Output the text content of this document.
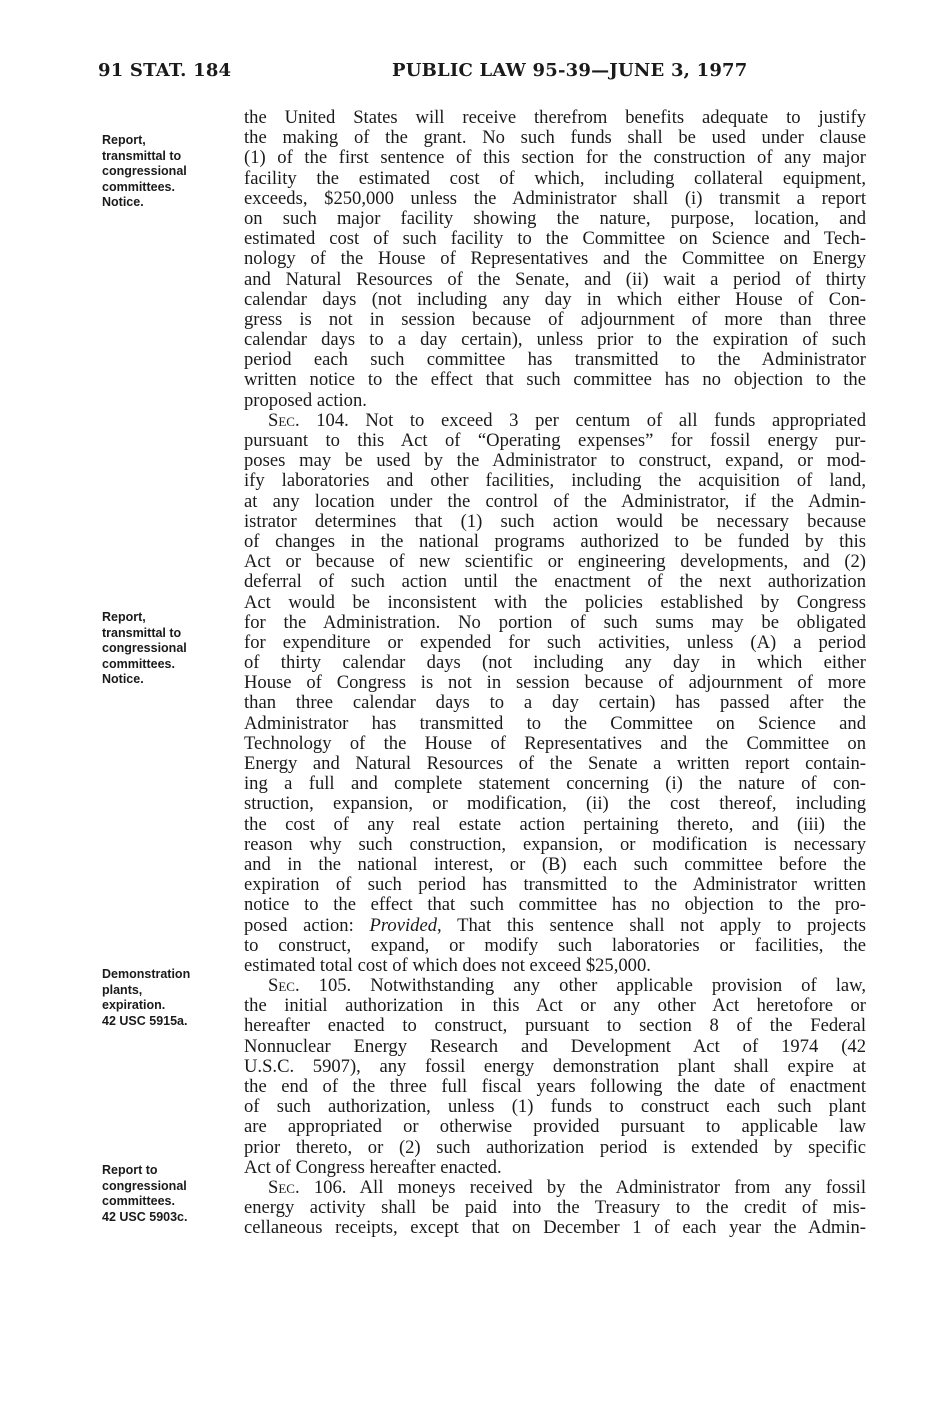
91 STAT. 184	PUBLIC LAW 95-39—JUNE 3, 1977
Report,
transmittal to
congressional
committees.
Notice.
Report,
transmittal to
congressional
committees.
Notice.
Demonstration
plants,
expiration.
42 USC 5915a.
Report to
congressional
committees.
42 USC 5903c.
the United States will receive therefrom benefits adequate to justify
the making of the grant. No such funds shall be used under clause
(1) of the first sentence of this section for the construction of any major
facility the estimated cost of which, including collateral equipment,
exceeds, $250,000 unless the Administrator shall (i) transmit a report
on such major facility showing the nature, purpose, location, and
estimated cost of such facility to the Committee on Science and Tech-
nology of the House of Representatives and the Committee on Energy
and Natural Resources of the Senate, and (ii) wait a period of thirty
calendar days (not including any day in which either House of Con-
gress is not in session because of adjournment of more than three
calendar days to a day certain), unless prior to the expiration of such
period each such committee has transmitted to the Administrator
written notice to the effect that such committee has no objection to the
proposed action.
Sec. 104. Not to exceed 3 per centum of all funds appropriated
pursuant to this Act of “Operating expenses” for fossil energy pur-
poses may be used by the Administrator to construct, expand, or mod-
ify laboratories and other facilities, including the acquisition of land,
at any location under the control of the Administrator, if the Admin-
istrator determines that (1) such action would be necessary because
of changes in the national programs authorized to be funded by this
Act or because of new scientific or engineering developments, and (2)
deferral of such action until the enactment of the next authorization
Act would be inconsistent with the policies established by Congress
for the Administration. No portion of such sums may be obligated
for expenditure or expended for such activities, unless (A) a period
of thirty calendar days (not including any day in which either
House of Congress is not in session because of adjournment of more
than three calendar days to a day certain) has passed after the
Administrator has transmitted to the Committee on Science and
Technology of the House of Representatives and the Committee on
Energy and Natural Resources of the Senate a written report contain-
ing a full and complete statement concerning (i) the nature of con-
struction, expansion, or modification, (ii) the cost thereof, including
the cost of any real estate action pertaining thereto, and (iii) the
reason why such construction, expansion, or modification is necessary
and in the national interest, or (B) each such committee before the
expiration of such period has transmitted to the Administrator written
notice to the effect that such committee has no objection to the pro-
posed action: Provided, That this sentence shall not apply to projects
to construct, expand, or modify such laboratories or facilities, the
estimated total cost of which does not exceed $25,000.
Sec. 105. Notwithstanding any other applicable provision of law,
the initial authorization in this Act or any other Act heretofore or
hereafter enacted to construct, pursuant to section 8 of the Federal
Nonnuclear Energy Research and Development Act of 1974 (42
U.S.C. 5907), any fossil energy demonstration plant shall expire at
the end of the three full fiscal years following the date of enactment
of such authorization, unless (1) funds to construct each such plant
are appropriated or otherwise provided pursuant to applicable law
prior thereto, or (2) such authorization period is extended by specific
Act of Congress hereafter enacted.
Sec. 106. All moneys received by the Administrator from any fossil
energy activity shall be paid into the Treasury to the credit of mis-
cellaneous receipts, except that on December 1 of each year the Admin-
